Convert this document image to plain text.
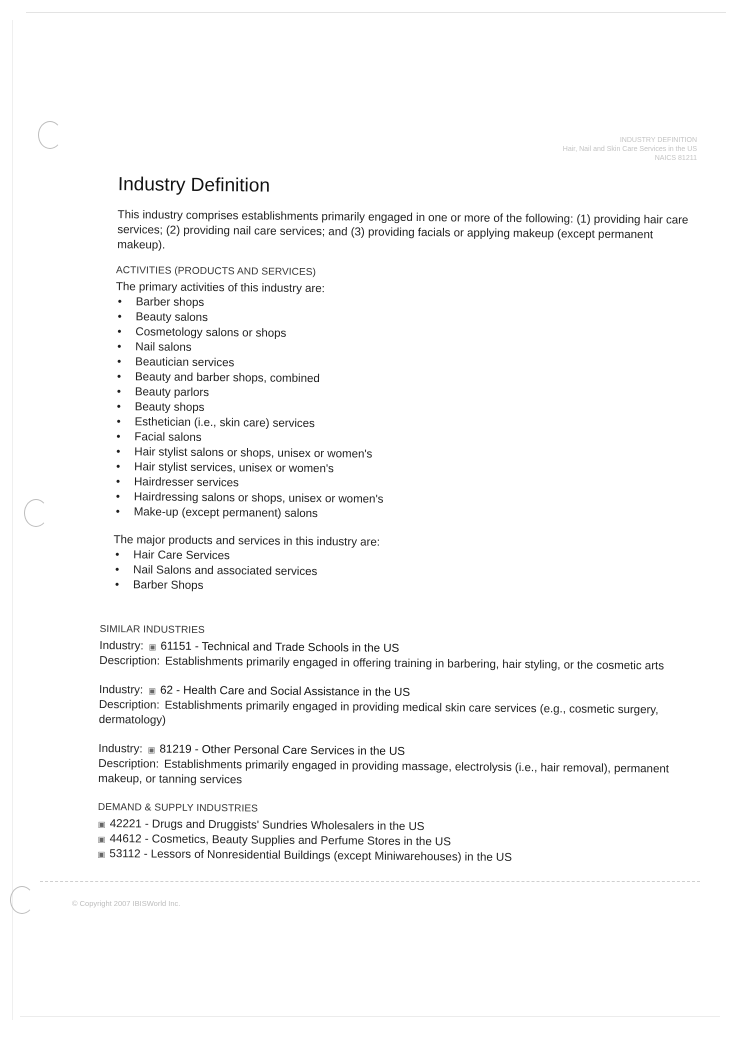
INDUSTRY DEFINITION
Hair, Nail and Skin Care Services in the US
NAICS 81211
Industry Definition

This industry comprises establishments primarily engaged in one or more of the following: (1) providing hair care services; (2) providing nail care services; and (3) providing facials or applying makeup (except permanent makeup).

ACTIVITIES (PRODUCTS AND SERVICES)
The primary activities of this industry are:
• Barber shops
• Beauty salons
• Cosmetology salons or shops
• Nail salons
• Beautician services
• Beauty and barber shops, combined
• Beauty parlors
• Beauty shops
• Esthetician (i.e., skin care) services
• Facial salons
• Hair stylist salons or shops, unisex or women's
• Hair stylist services, unisex or women's
• Hairdresser services
• Hairdressing salons or shops, unisex or women's
• Make-up (except permanent) salons
The major products and services in this industry are:
• Hair Care Services
• Nail Salons and associated services
• Barber Shops
SIMILAR INDUSTRIES
Industry: ▣ 61151 - Technical and Trade Schools in the US
Description: Establishments primarily engaged in offering training in barbering, hair styling, or the cosmetic arts
Industry: ▣ 62 - Health Care and Social Assistance in the US
Description: Establishments primarily engaged in providing medical skin care services (e.g., cosmetic surgery, dermatology)
Industry: ▣ 81219 - Other Personal Care Services in the US
Description: Establishments primarily engaged in providing massage, electrolysis (i.e., hair removal), permanent makeup, or tanning services
DEMAND & SUPPLY INDUSTRIES
▣ 42221 - Drugs and Druggists' Sundries Wholesalers in the US
▣ 44612 - Cosmetics, Beauty Supplies and Perfume Stores in the US
▣ 53112 - Lessors of Nonresidential Buildings (except Miniwarehouses) in the US
© Copyright 2007 IBISWorld Inc.
